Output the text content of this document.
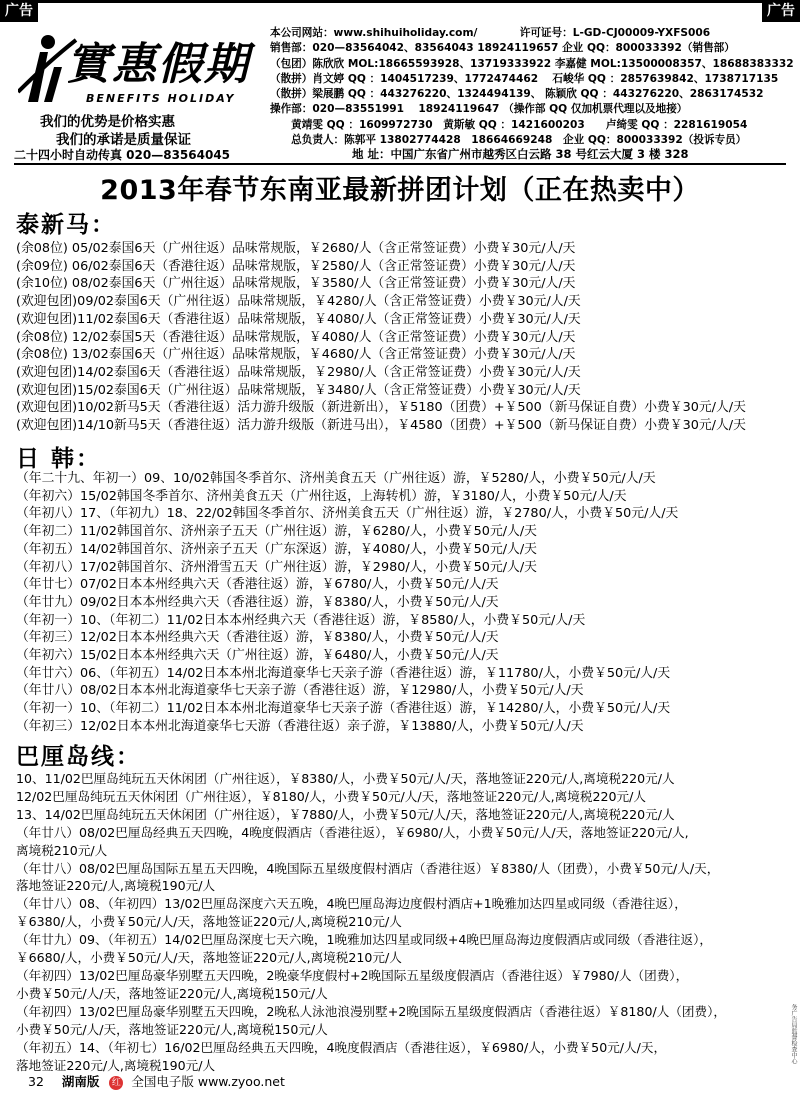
广告	广告
實惠假期
BENEFITS HOLIDAY
我们的优势是价格实惠
我们的承诺是质量保证
本公司网站：www.shihuiholiday.com/　　　　许可证号：L-GD-CJ00009-YXFS006
销售部：020—83564042、83564043 18924119657 企业 QQ：800033392（销售部）
（包团）陈欣欣 MOL:18665593928、13719333922 李嘉健 MOL:13500008357、18688383332
（散拼）肖文婷 QQ ：1404517239、1772474462　 石峻华 QQ ：2857639842、1738717135
（散拼）梁展鹏 QQ ：443276220、1324494139、 陈颖欣 QQ ：443276220、2863174532
操作部：020—83551991　 18924119647 （操作部 QQ 仅加机票代理以及地接）
　　黄靖雯 QQ ：1609972730　黄斯敏 QQ ：1421600203　　卢绮雯 QQ ：2281619054
　　总负责人：陈郭平 13802774428　18664669248　企业 QQ：800033392（投诉专员）
二十四小时自动传真 020—83564045	地 址：中国广东省广州市越秀区白云路 38 号红云大厦 3 楼 328
2013年春节东南亚最新拼团计划（正在热卖中）
泰新马：
(余08位) 05/02泰国6天（广州往返）品味常规版，￥2680/人（含正常签证费）小费￥30元/人/天
(余09位) 06/02泰国6天（香港往返）品味常规版，￥2580/人（含正常签证费）小费￥30元/人/天
(余10位) 08/02泰国6天（广州往返）品味常规版，￥3580/人（含正常签证费）小费￥30元/人/天
(欢迎包团)09/02泰国6天（广州往返）品味常规版，￥4280/人（含正常签证费）小费￥30元/人/天
(欢迎包团)11/02泰国6天（香港往返）品味常规版，￥4080/人（含正常签证费）小费￥30元/人/天
(余08位) 12/02泰国5天（香港往返）品味常规版，￥4080/人（含正常签证费）小费￥30元/人/天
(余08位) 13/02泰国6天（广州往返）品味常规版，￥4680/人（含正常签证费）小费￥30元/人/天
(欢迎包团)14/02泰国6天（香港往返）品味常规版，￥2980/人（含正常签证费）小费￥30元/人/天
(欢迎包团)15/02泰国6天（广州往返）品味常规版，￥3480/人（含正常签证费）小费￥30元/人/天
(欢迎包团)10/02新马5天（香港往返）活力游升级版（新进新出），￥5180（团费）+￥500（新马保证自费）小费￥30元/人/天
(欢迎包团)14/10新马5天（香港往返）活力游升级版（新进马出），￥4580（团费）+￥500（新马保证自费）小费￥30元/人/天
日 韩：
（年二十九、年初一）09、10/02韩国冬季首尔、济州美食五天（广州往返）游，￥5280/人，小费￥50元/人/天
（年初六）15/02韩国冬季首尔、济州美食五天（广州往返，上海转机）游，￥3180/人，小费￥50元/人/天
（年初八）17、（年初九）18、22/02韩国冬季首尔、济州美食五天（广州往返）游，￥2780/人，小费￥50元/人/天
（年初二）11/02韩国首尔、济州亲子五天（广州往返）游，￥6280/人，小费￥50元/人/天
（年初五）14/02韩国首尔、济州亲子五天（广东深返）游，￥4080/人，小费￥50元/人/天
（年初八）17/02韩国首尔、济州滑雪五天（广州往返）游，￥2980/人，小费￥50元/人/天
（年廿七）07/02日本本州经典六天（香港往返）游，￥6780/人，小费￥50元/人/天
（年廿九）09/02日本本州经典六天（香港往返）游，￥8380/人，小费￥50元/人/天
（年初一）10、（年初二）11/02日本本州经典六天（香港往返）游，￥8580/人，小费￥50元/人/天
（年初三）12/02日本本州经典六天（香港往返）游，￥8380/人，小费￥50元/人/天
（年初六）15/02日本本州经典六天（广州往返）游，￥6480/人，小费￥50元/人/天
（年廿六）06、（年初五）14/02日本本州北海道豪华七天亲子游（香港往返）游，￥11780/人，小费￥50元/人/天
（年廿八）08/02日本本州北海道豪华七天亲子游（香港往返）游，￥12980/人，小费￥50元/人/天
（年初一）10、（年初二）11/02日本本州北海道豪华七天亲子游（香港往返）游，￥14280/人，小费￥50元/人/天
（年初三）12/02日本本州北海道豪华七天游（香港往返）亲子游，￥13880/人，小费￥50元/人/天
巴厘岛线：
10、11/02巴厘岛纯玩五天休闲团（广州往返），￥8380/人，小费￥50元/人/天，落地签证220元/人,离境税220元/人
12/02巴厘岛纯玩五天休闲团（广州往返），￥8180/人，小费￥50元/人/天，落地签证220元/人,离境税220元/人
13、14/02巴厘岛纯玩五天休闲团（广州往返），￥7880/人，小费￥50元/人/天，落地签证220元/人,离境税220元/人
（年廿八）08/02巴厘岛经典五天四晚，4晚度假酒店（香港往返），￥6980/人，小费￥50元/人/天，落地签证220元/人,
离境税210元/人
（年廿八）08/02巴厘岛国际五星五天四晚，4晚国际五星级度假村酒店（香港往返）￥8380/人（团费），小费￥50元/人/天，
落地签证220元/人,离境税190元/人
（年廿八）08、（年初四）13/02巴厘岛深度六天五晚，4晚巴厘岛海边度假村酒店+1晚雅加达四星或同级（香港往返），
￥6380/人，小费￥50元/人/天，落地签证220元/人,离境税210元/人
（年廿九）09、（年初五）14/02巴厘岛深度七天六晚，1晚雅加达四星或同级+4晚巴厘岛海边度假酒店或同级（香港往返），
￥6680/人，小费￥50元/人/天，落地签证220元/人,离境税210元/人
（年初四）13/02巴厘岛豪华别墅五天四晚，2晚豪华度假村+2晚国际五星级度假酒店（香港往返）￥7980/人（团费），
小费￥50元/人/天，落地签证220元/人,离境税150元/人
（年初四）13/02巴厘岛豪华别墅五天四晚，2晚私人泳池浪漫别墅+2晚国际五星级度假酒店（香港往返）￥8180/人（团费），
小费￥50元/人/天，落地签证220元/人,离境税150元/人
（年初五）14、（年初七）16/02巴厘岛经典五天四晚，4晚度假酒店（香港往返），￥6980/人，小费￥50元/人/天，
落地签证220元/人,离境税190元/人
32 湖南版 红 全国电子版 www.zyoo.net
务广告局监督检查中心
